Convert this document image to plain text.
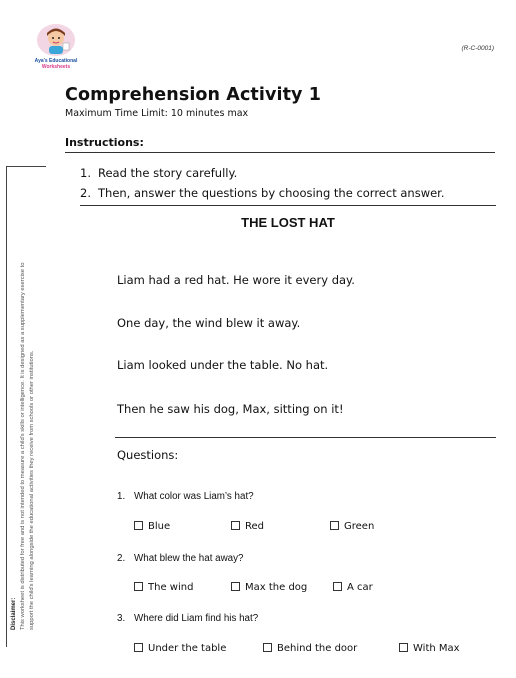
Aya's Educational
Worksheets
(R-C-0001)
Comprehension Activity 1
Maximum Time Limit: 10 minutes max
Instructions:
1. Read the story carefully.
2. Then, answer the questions by choosing the correct answer.
THE LOST HAT
Liam had a red hat. He wore it every day.
One day, the wind blew it away.
Liam looked under the table. No hat.
Then he saw his dog, Max, sitting on it!
Questions:
1. What color was Liam’s hat?
Blue	Red	Green
2. What blew the hat away?
The wind	Max the dog	A car
3. Where did Liam find his hat?
Under the table	Behind the door	With Max
Disclaimer: This worksheet is distributed for free and is not intended to measure a child's skills or intelligence. It is designed as a supplementary exercise to support the child's learning alongside the educational activities they receive from schools or other institutions.
